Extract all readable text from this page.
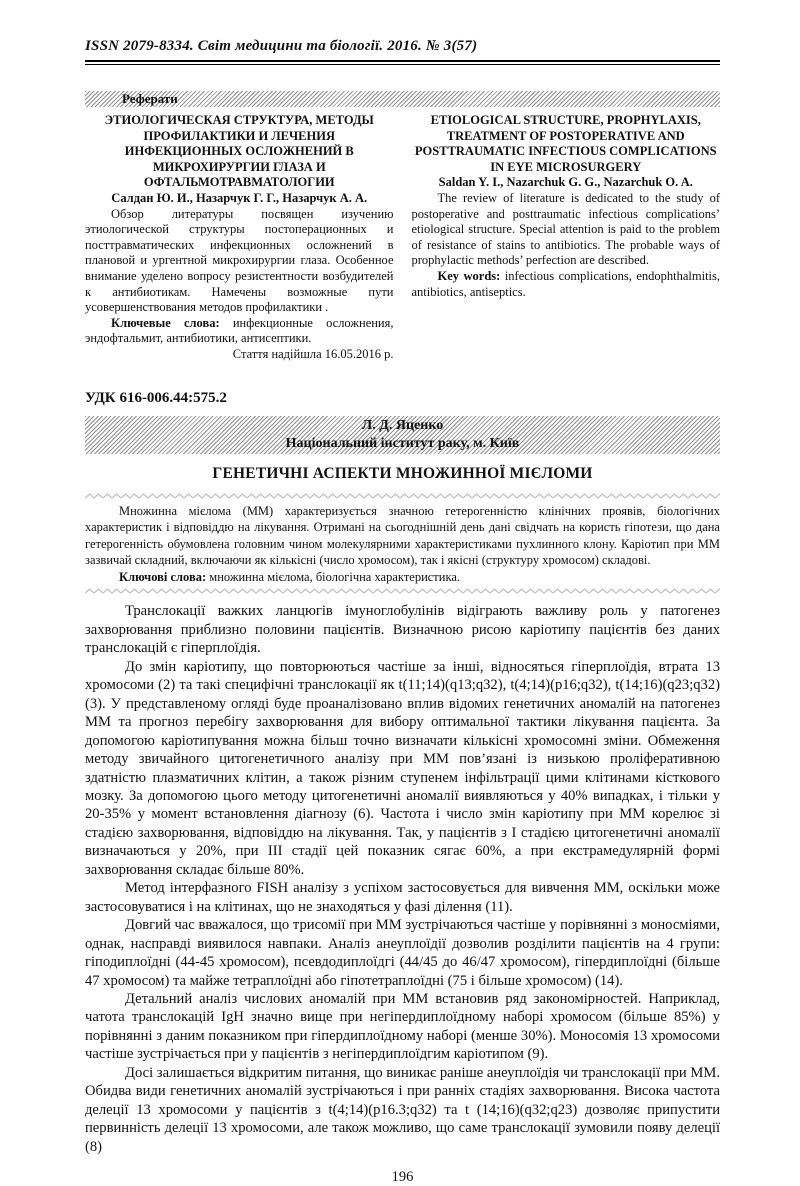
ISSN 2079-8334. Світ медицини та біології. 2016. № 3(57)
Реферати
ЭТИОЛОГИЧЕСКАЯ СТРУКТУРА, МЕТОДЫ ПРОФИЛАКТИКИ И ЛЕЧЕНИЯ ИНФЕКЦИОННЫХ ОСЛОЖНЕНИЙ В МИКРОХИРУРГИИ ГЛАЗА И ОФТАЛЬМОТРАВМАТОЛОГИИ
Салдан Ю. И., Назарчук Г. Г., Назарчук А. А.

Обзор литературы посвящен изучению этиологической структуры постоперационных и посттравматических инфекционных осложнений в плановой и ургентной микрохирургии глаза. Особенное внимание уделено вопросу резистентности возбудителей к антибиотикам. Намечены возможные пути усовершенствования методов профилактики .

Ключевые слова: инфекционные осложнения, эндофтальмит, антибиотики, антисептики.

Стаття надійшла 16.05.2016 р.
ETIOLOGICAL STRUCTURE, PROPHYLAXIS, TREATMENT OF POSTOPERATIVE AND POSTTRAUMATIC INFECTIOUS COMPLICATIONS IN EYE MICROSURGERY
Saldan Y. I., Nazarchuk G. G., Nazarchuk O. A.

The review of literature is dedicated to the study of postoperative and posttraumatic infectious complications’ etiological structure. Special attention is paid to the problem of resistance of stains to antibiotics. The probable ways of prophylactic methods’ perfection are described.

Key words: infectious complications, endophthalmitis, antibiotics, antiseptics.

УДК 616-006.44:575.2
Л. Д. Яценко
Національний інститут раку, м. Київ
ГЕНЕТИЧНІ АСПЕКТИ МНОЖИННОЇ МІЄЛОМИ

Множинна мієлома (ММ) характеризується значною гетерогенністю клінічних проявів, біологічних характеристик і відповіддю на лікування. Отримані на сьогоднішній день дані свідчать на користь гіпотези, що дана гетерогенність обумовлена головним чином молекулярними характеристиками пухлинного клону. Каріотип при ММ зазвичай складний, включаючи як кількісні (число хромосом), так і якісні (структуру хромосом) складові.

Ключові слова: множинна мієлома, біологічна характеристика.

Транслокації важких ланцюгів імуноглобулінів відіграють важливу роль у патогенез захворювання приблизно половини пацієнтів. Визначною рисою каріотипу пацієнтів без даних транслокацій є гіперплоїдія.

До змін каріотипу, що повторюються частіше за інші, відносяться гіперплоїдія, втрата 13 хромосоми (2) та такі специфічні транслокації як t(11;14)(q13;q32), t(4;14)(p16;q32), t(14;16)(q23;q32) (3). У представленому огляді буде проаналізовано вплив відомих генетичних аномалій на патогенез ММ та прогноз перебігу захворювання для вибору оптимальної тактики лікування пацієнта. За допомогою каріотипування можна більш точно визначати кількісні хромосомні зміни. Обмеження методу звичайного цитогенетичного аналізу при ММ пов’язані із низькою проліферативною здатністю плазматичних клітин, а також різним ступенем інфільтрації цими клітинами кісткового мозку. За допомогою цього методу цитогенетичні аномалії виявляються у 40% випадках, і тільки у 20-35% у момент встановлення діагнозу (6). Частота і число змін каріотипу при ММ корелює зі стадією захворювання, відповіддю на лікування. Так, у пацієнтів з І стадією цитогенетичні аномалії визначаються у 20%, при ІІІ стадії цей показник сягає 60%, а при екстрамедулярній формі захворювання складає більше 80%.

Метод інтерфазного FISH аналізу з успіхом застосовується для вивчення ММ, оскільки може застосовуватися і на клітинах, що не знаходяться у фазі ділення (11).

Довгий час вважалося, що трисомії при ММ зустрічаються частіше у порівнянні з моносміями, однак, насправді виявилося навпаки. Аналіз анеуплоїдії дозволив розділити пацієнтів на 4 групи: гіподиплоїдні (44-45 хромосом), псевдодиплоїдгі (44/45 до 46/47 хромосом), гіпердиплоїдні (більше 47 хромосом) та майже тетраплоїдні або гіпотетраплоїдні (75 і більше хромосом) (14).

Детальний аналіз числових аномалій при ММ встановив ряд закономірностей. Наприклад, чатота транслокацій IgH значно вище при негіпердиплоїдному наборі хромосом (більше 85%) у порівнянні з даним показником при гіпердиплоїдному наборі (менше 30%). Моносомія 13 хромосоми частіше зустрічається при у пацієнтів з негіпердиплоїдгим каріотипом (9).

Досі залишається відкритим питання, що виникає раніше анеуплоїдія чи транслокації при ММ. Обидва види генетичних аномалій зустрічаються і при ранніх стадіях захворювання. Висока частота делеції 13 хромосоми у пацієнтів з t(4;14)(p16.3;q32) та t (14;16)(q32;q23) дозволяє припустити первинність делеції 13 хромосоми, але також можливо, що саме транслокації зумовили появу делеції (8)

196
